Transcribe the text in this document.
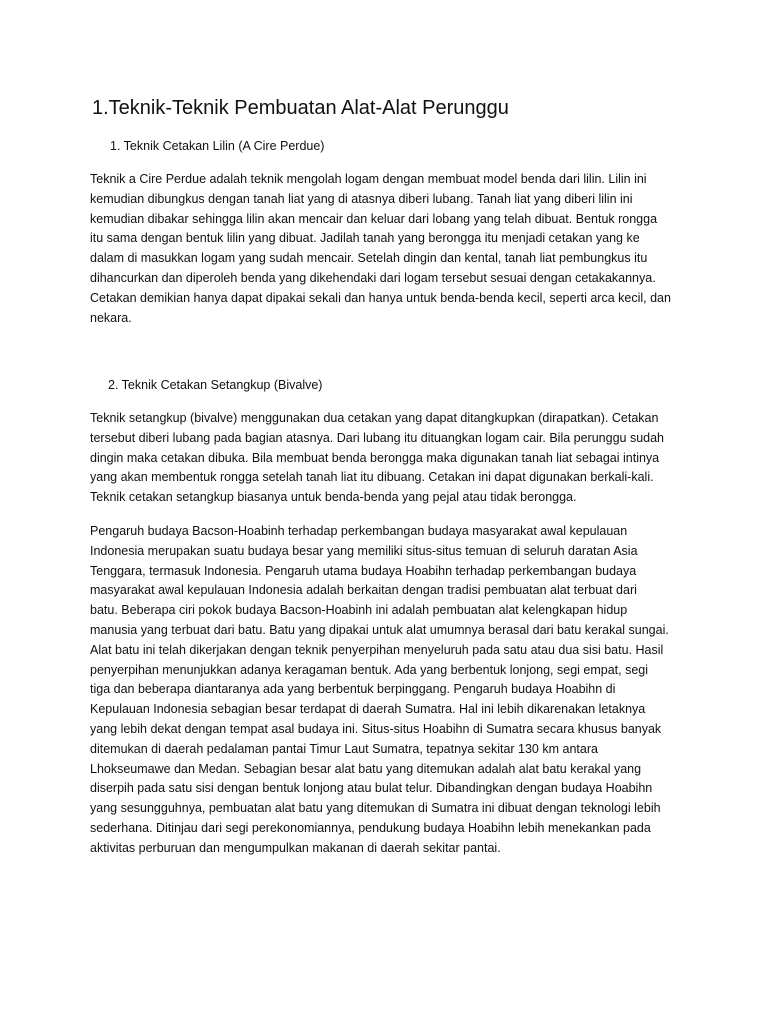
1.Teknik-Teknik Pembuatan Alat-Alat Perunggu
1. Teknik Cetakan Lilin (A Cire Perdue)

Teknik a Cire Perdue adalah teknik mengolah logam dengan membuat model benda dari lilin. Lilin ini
kemudian dibungkus dengan tanah liat yang di atasnya diberi lubang. Tanah liat yang diberi lilin ini
kemudian dibakar sehingga lilin akan mencair dan keluar dari lobang yang telah dibuat. Bentuk rongga
itu sama dengan bentuk lilin yang dibuat. Jadilah tanah yang berongga itu menjadi cetakan yang ke
dalam di masukkan logam yang sudah mencair. Setelah dingin dan kental, tanah liat pembungkus itu
dihancurkan dan diperoleh benda yang dikehendaki dari logam tersebut sesuai dengan cetakakannya.
Cetakan demikian hanya dapat dipakai sekali dan hanya untuk benda-benda kecil, seperti arca kecil, dan
nekara.

2. Teknik Cetakan Setangkup (Bivalve)

Teknik setangkup (bivalve) menggunakan dua cetakan yang dapat ditangkupkan (dirapatkan). Cetakan
tersebut diberi lubang pada bagian atasnya. Dari lubang itu dituangkan logam cair. Bila perunggu sudah
dingin maka cetakan dibuka. Bila membuat benda berongga maka digunakan tanah liat sebagai intinya
yang akan membentuk rongga setelah tanah liat itu dibuang. Cetakan ini dapat digunakan berkali-kali.
Teknik cetakan setangkup biasanya untuk benda-benda yang pejal atau tidak berongga.

Pengaruh budaya Bacson-Hoabinh terhadap perkembangan budaya masyarakat awal kepulauan
Indonesia merupakan suatu budaya besar yang memiliki situs-situs temuan di seluruh daratan Asia
Tenggara, termasuk Indonesia. Pengaruh utama budaya Hoabihn terhadap perkembangan budaya
masyarakat awal kepulauan Indonesia adalah berkaitan dengan tradisi pembuatan alat terbuat dari
batu. Beberapa ciri pokok budaya Bacson-Hoabinh ini adalah pembuatan alat kelengkapan hidup
manusia yang terbuat dari batu. Batu yang dipakai untuk alat umumnya berasal dari batu kerakal sungai.
Alat batu ini telah dikerjakan dengan teknik penyerpihan menyeluruh pada satu atau dua sisi batu. Hasil
penyerpihan menunjukkan adanya keragaman bentuk. Ada yang berbentuk lonjong, segi empat, segi
tiga dan beberapa diantaranya ada yang berbentuk berpinggang. Pengaruh budaya Hoabihn di
Kepulauan Indonesia sebagian besar terdapat di daerah Sumatra. Hal ini lebih dikarenakan letaknya
yang lebih dekat dengan tempat asal budaya ini. Situs-situs Hoabihn di Sumatra secara khusus banyak
ditemukan di daerah pedalaman pantai Timur Laut Sumatra, tepatnya sekitar 130 km antara
Lhokseumawe dan Medan. Sebagian besar alat batu yang ditemukan adalah alat batu kerakal yang
diserpih pada satu sisi dengan bentuk lonjong atau bulat telur. Dibandingkan dengan budaya Hoabihn
yang sesungguhnya, pembuatan alat batu yang ditemukan di Sumatra ini dibuat dengan teknologi lebih
sederhana. Ditinjau dari segi perekonomiannya, pendukung budaya Hoabihn lebih menekankan pada
aktivitas perburuan dan mengumpulkan makanan di daerah sekitar pantai.
